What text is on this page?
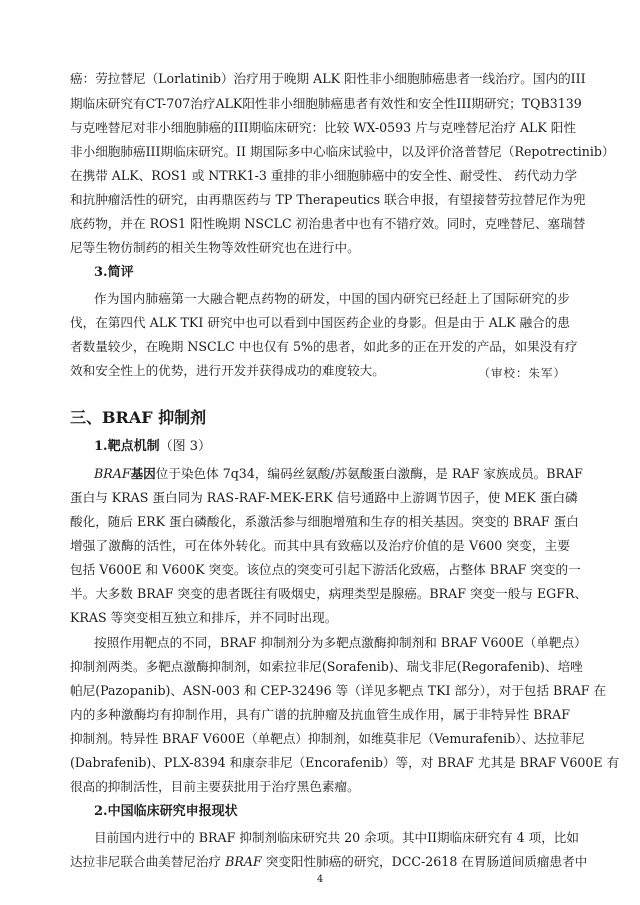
癌：劳拉替尼（Lorlatinib）治疗用于晚期 ALK 阳性非小细胞肺癌患者一线治疗。国内的III
期临床研究有CT-707治疗ALK阳性非小细胞肺癌患者有效性和安全性III期研究；TQB3139
与克唑替尼对非小细胞肺癌的III期临床研究：比较 WX-0593 片与克唑替尼治疗 ALK 阳性
非小细胞肺癌III期临床研究。II 期国际多中心临床试验中，以及评价洛普替尼（Repotrectinib）
在携带 ALK、ROS1 或 NTRK1-3 重排的非小细胞肺癌中的安全性、耐受性、 药代动力学
和抗肿瘤活性的研究，由再鼎医药与 TP Therapeutics 联合申报，有望接替劳拉替尼作为兜
底药物，并在 ROS1 阳性晚期 NSCLC 初治患者中也有不错疗效。同时，克唑替尼、塞瑞替
尼等生物仿制药的相关生物等效性研究也在进行中。
3.简评
作为国内肺癌第一大融合靶点药物的研发，中国的国内研究已经赶上了国际研究的步
伐，在第四代 ALK TKI 研究中也可以看到中国医药企业的身影。但是由于 ALK 融合的患
者数量较少，在晚期 NSCLC 中也仅有 5%的患者，如此多的正在开发的产品，如果没有疗
效和安全性上的优势，进行开发并获得成功的难度较大。	（审校：朱军）
三、BRAF 抑制剂
1.靶点机制（图 3）
BRAF基因位于染色体 7q34，编码丝氨酸/苏氨酸蛋白激酶，是 RAF 家族成员。BRAF
蛋白与 KRAS 蛋白同为 RAS-RAF-MEK-ERK 信号通路中上游调节因子，使 MEK 蛋白磷
酸化，随后 ERK 蛋白磷酸化，系激活参与细胞增殖和生存的相关基因。突变的 BRAF 蛋白
增强了激酶的活性，可在体外转化。而其中具有致癌以及治疗价值的是 V600 突变，主要
包括 V600E 和 V600K 突变。该位点的突变可引起下游活化致癌，占整体 BRAF 突变的一
半。大多数 BRAF 突变的患者既往有吸烟史，病理类型是腺癌。BRAF 突变一般与 EGFR、
KRAS 等突变相互独立和排斥，并不同时出现。
按照作用靶点的不同，BRAF 抑制剂分为多靶点激酶抑制剂和 BRAF V600E（单靶点）
抑制剂两类。多靶点激酶抑制剂，如索拉非尼(Sorafenib)、瑞戈非尼(Regorafenib)、培唑
帕尼(Pazopanib)、ASN-003 和 CEP-32496 等（详见多靶点 TKI 部分），对于包括 BRAF 在
内的多种激酶均有抑制作用，具有广谱的抗肿瘤及抗血管生成作用，属于非特异性 BRAF
抑制剂。特异性 BRAF V600E（单靶点）抑制剂，如维莫非尼（Vemurafenib）、达拉菲尼
(Dabrafenib)、PLX-8394 和康奈非尼（Encorafenib）等，对 BRAF 尤其是 BRAF V600E 有
很高的抑制活性，目前主要获批用于治疗黑色素瘤。
2.中国临床研究申报现状
目前国内进行中的 BRAF 抑制剂临床研究共 20 余项。其中II期临床研究有 4 项，比如
达拉非尼联合曲美替尼治疗 BRAF 突变阳性肺癌的研究，DCC-2618 在胃肠道间质瘤患者中
4
